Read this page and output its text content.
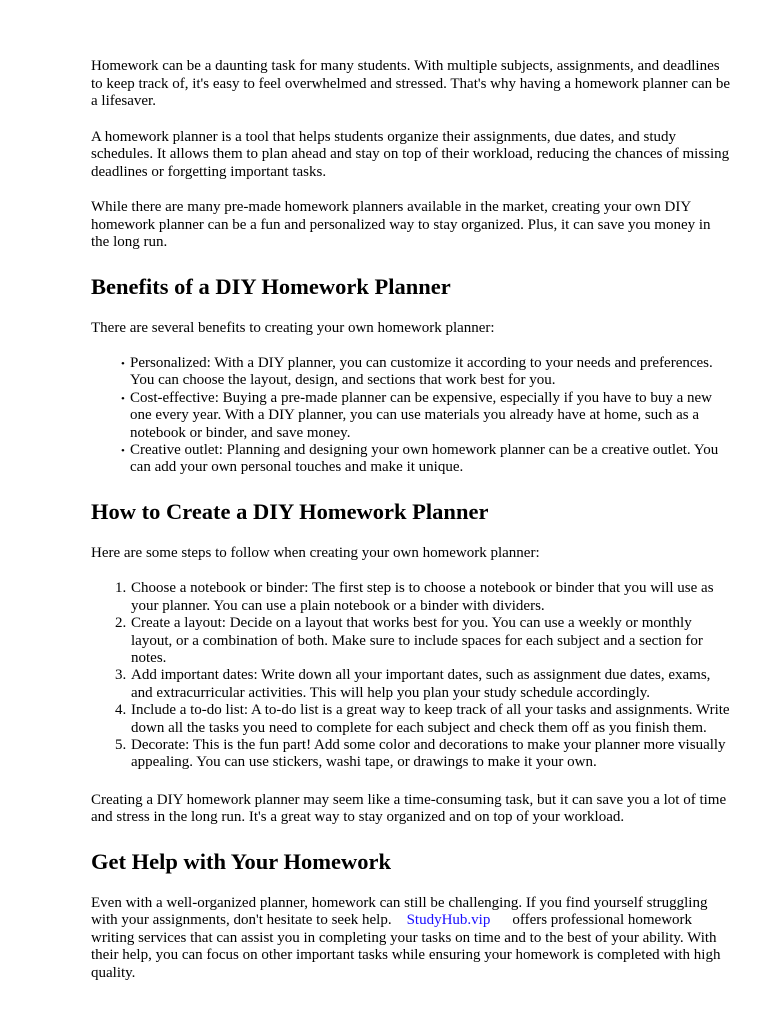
Homework can be a daunting task for many students. With multiple subjects, assignments, and deadlines to keep track of, it's easy to feel overwhelmed and stressed. That's why having a homework planner can be a lifesaver.

A homework planner is a tool that helps students organize their assignments, due dates, and study schedules. It allows them to plan ahead and stay on top of their workload, reducing the chances of missing deadlines or forgetting important tasks.

While there are many pre-made homework planners available in the market, creating your own DIY homework planner can be a fun and personalized way to stay organized. Plus, it can save you money in the long run.

Benefits of a DIY Homework Planner

There are several benefits to creating your own homework planner:

• Personalized: With a DIY planner, you can customize it according to your needs and preferences. You can choose the layout, design, and sections that work best for you.
• Cost-effective: Buying a pre-made planner can be expensive, especially if you have to buy a new one every year. With a DIY planner, you can use materials you already have at home, such as a notebook or binder, and save money.
• Creative outlet: Planning and designing your own homework planner can be a creative outlet. You can add your own personal touches and make it unique.
How to Create a DIY Homework Planner

Here are some steps to follow when creating your own homework planner:

1. Choose a notebook or binder: The first step is to choose a notebook or binder that you will use as your planner. You can use a plain notebook or a binder with dividers.
2. Create a layout: Decide on a layout that works best for you. You can use a weekly or monthly layout, or a combination of both. Make sure to include spaces for each subject and a section for notes.
3. Add important dates: Write down all your important dates, such as assignment due dates, exams, and extracurricular activities. This will help you plan your study schedule accordingly.
4. Include a to-do list: A to-do list is a great way to keep track of all your tasks and assignments. Write down all the tasks you need to complete for each subject and check them off as you finish them.
5. Decorate: This is the fun part! Add some color and decorations to make your planner more visually appealing. You can use stickers, washi tape, or drawings to make it your own.

Creating a DIY homework planner may seem like a time-consuming task, but it can save you a lot of time and stress in the long run. It's a great way to stay organized and on top of your workload.

Get Help with Your Homework

Even with a well-organized planner, homework can still be challenging. If you find yourself struggling with your assignments, don't hesitate to seek help. StudyHub.vip offers professional homework writing services that can assist you in completing your tasks on time and to the best of your ability. With their help, you can focus on other important tasks while ensuring your homework is completed with high quality.
